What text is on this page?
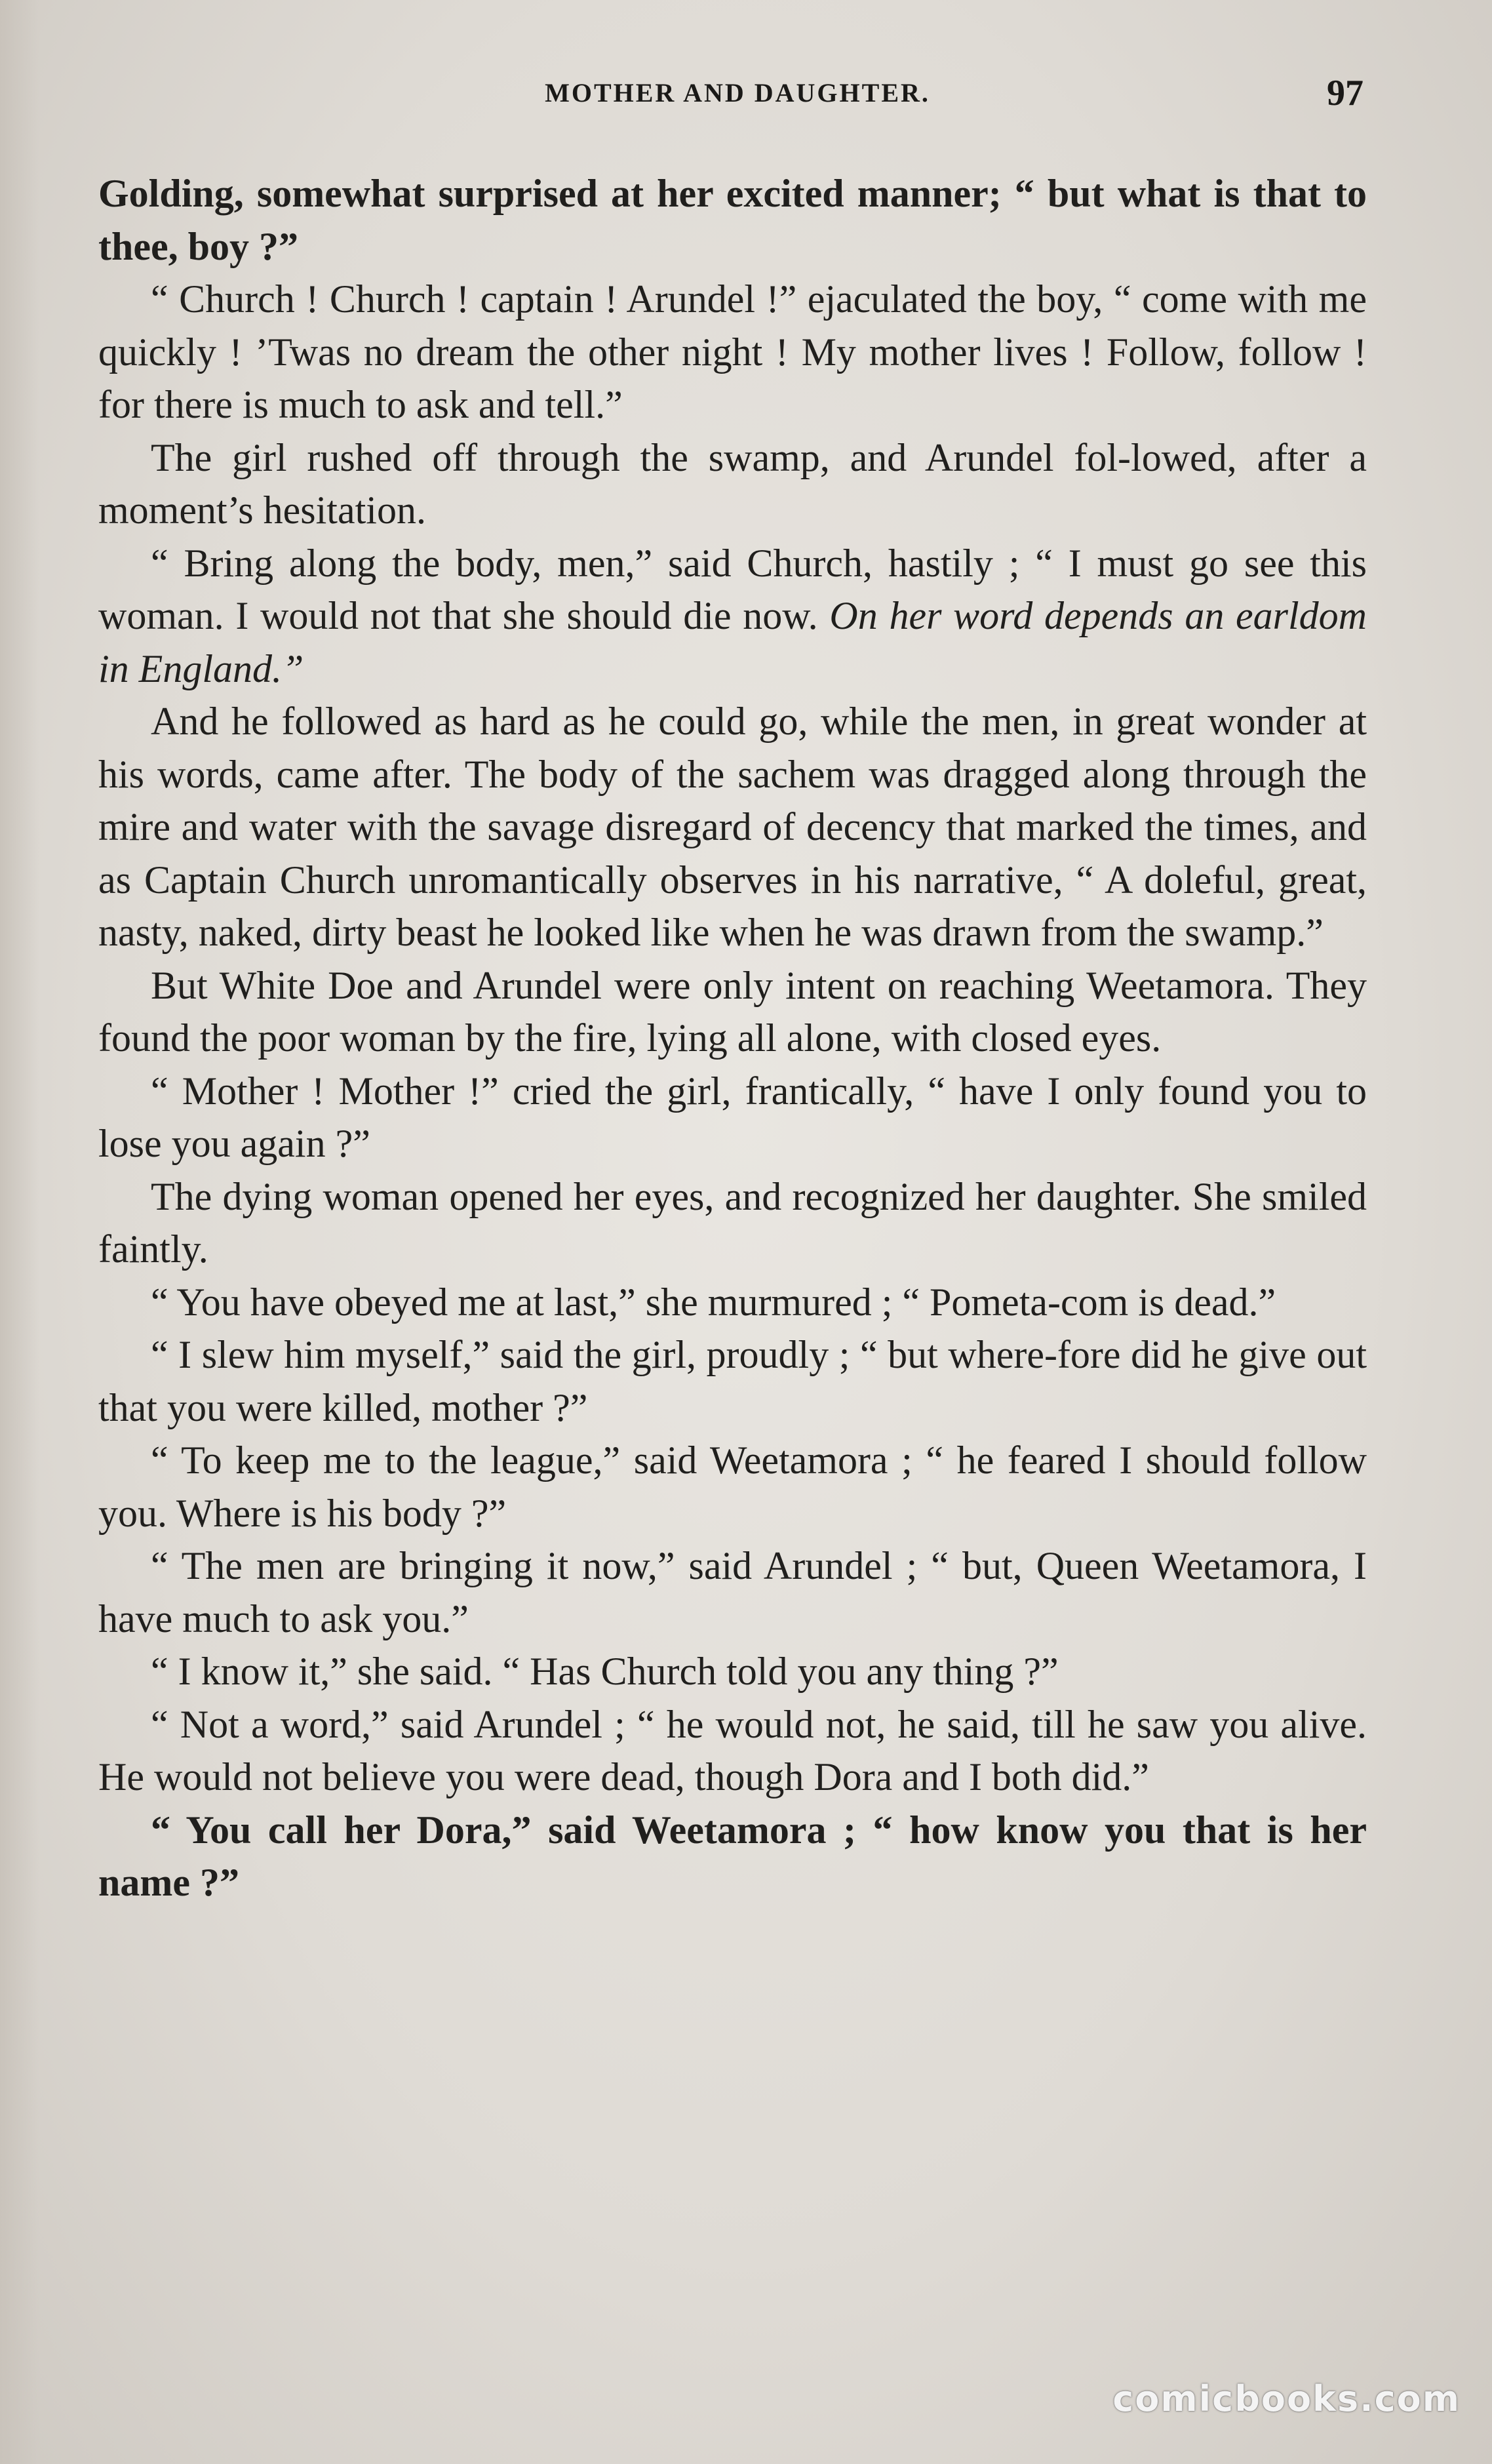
MOTHER AND DAUGHTER.	97

Golding, somewhat surprised at her excited manner; “ but what is that to thee, boy ?”

“ Church ! Church ! captain ! Arundel !” ejaculated the boy, “ come with me quickly ! ’Twas no dream the other night ! My mother lives ! Follow, follow ! for there is much to ask and tell.”

The girl rushed off through the swamp, and Arundel fol-lowed, after a moment’s hesitation.

“ Bring along the body, men,” said Church, hastily ; “ I must go see this woman. I would not that she should die now. On her word depends an earldom in England.”

And he followed as hard as he could go, while the men, in great wonder at his words, came after. The body of the sachem was dragged along through the mire and water with the savage disregard of decency that marked the times, and as Captain Church unromantically observes in his narrative, “ A doleful, great, nasty, naked, dirty beast he looked like when he was drawn from the swamp.”

But White Doe and Arundel were only intent on reaching Weetamora. They found the poor woman by the fire, lying all alone, with closed eyes.

“ Mother ! Mother !” cried the girl, frantically, “ have I only found you to lose you again ?”

The dying woman opened her eyes, and recognized her daughter. She smiled faintly.

“ You have obeyed me at last,” she murmured ; “ Pometa-com is dead.”

“ I slew him myself,” said the girl, proudly ; “ but where-fore did he give out that you were killed, mother ?”

“ To keep me to the league,” said Weetamora ; “ he feared I should follow you. Where is his body ?”

“ The men are bringing it now,” said Arundel ; “ but, Queen Weetamora, I have much to ask you.”

“ I know it,” she said. “ Has Church told you any thing ?”

“ Not a word,” said Arundel ; “ he would not, he said, till he saw you alive. He would not believe you were dead, though Dora and I both did.”

“ You call her Dora,” said Weetamora ; “ how know you that is her name ?”

comicbooks.com
